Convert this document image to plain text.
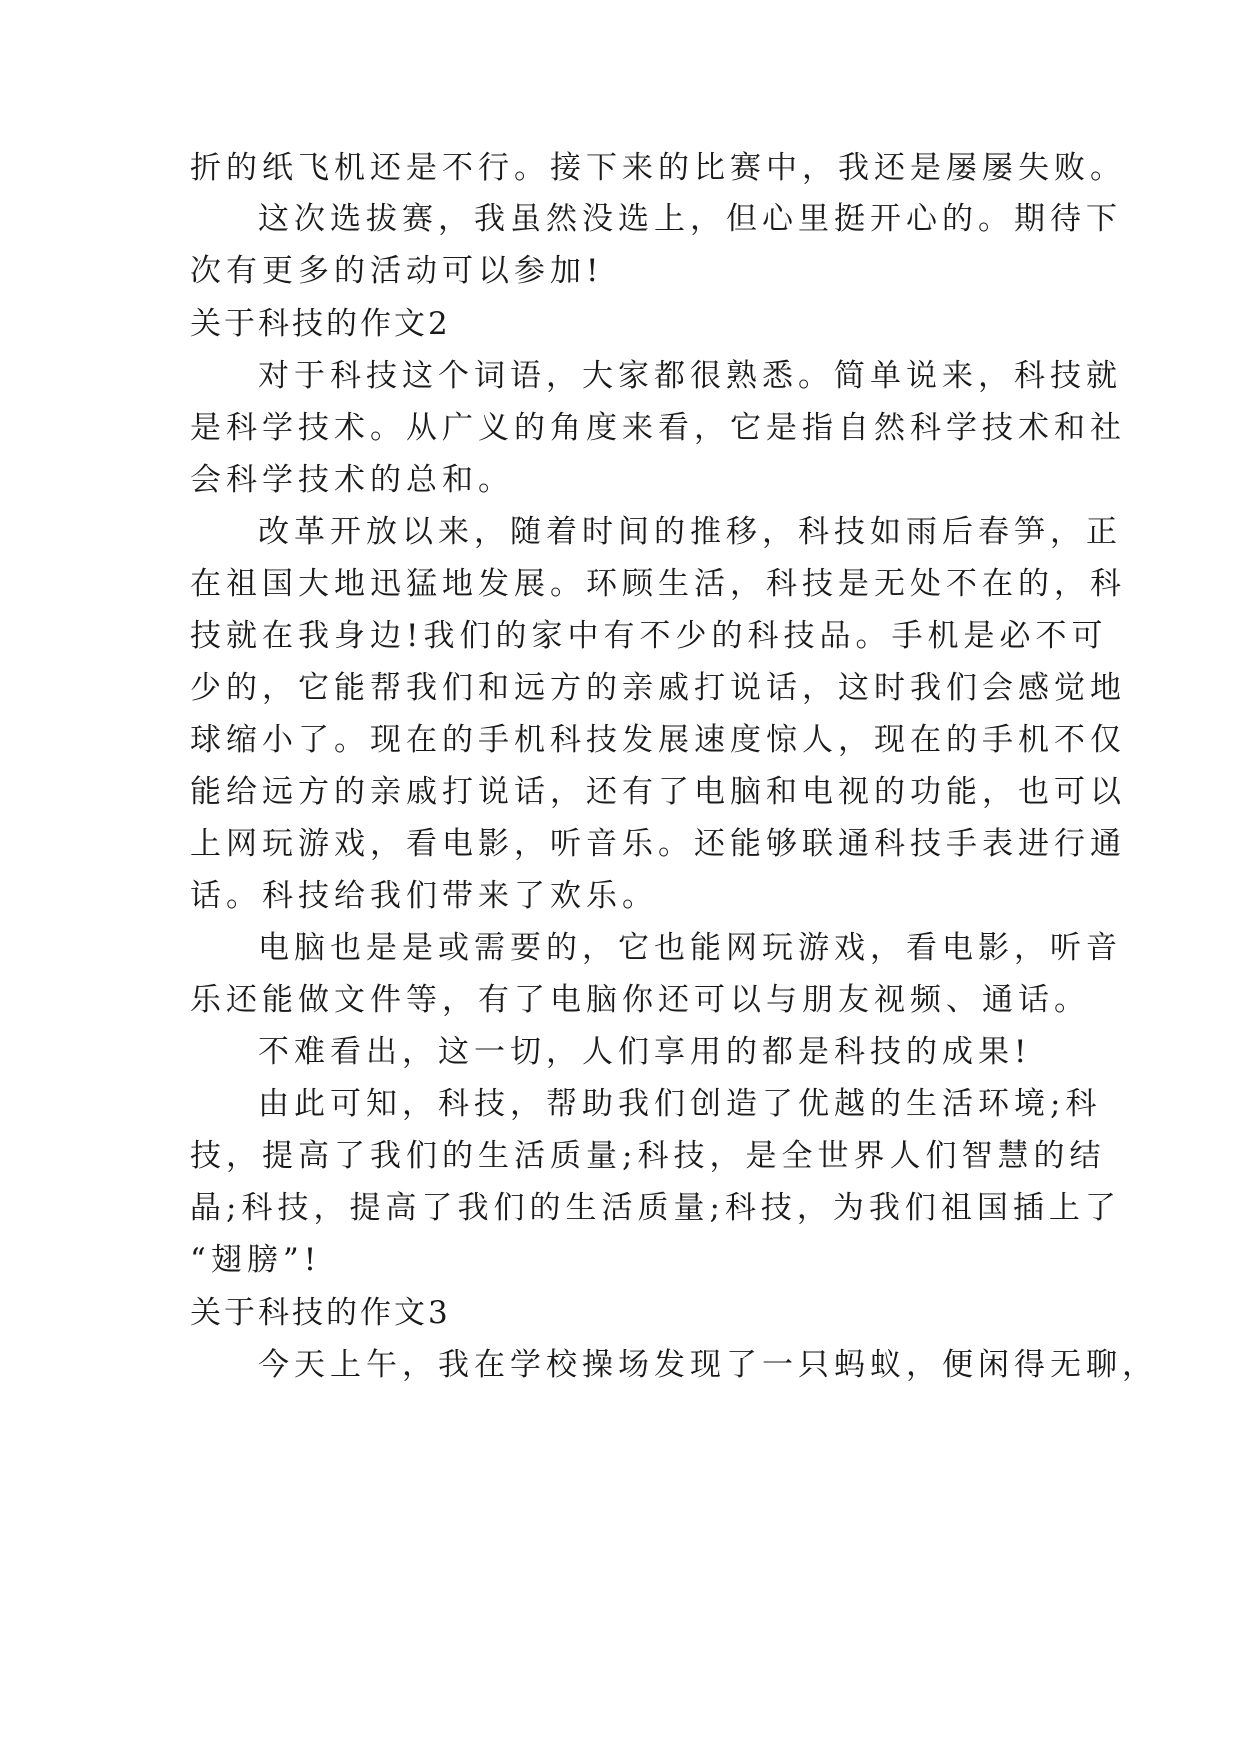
折的纸飞机还是不行。接下来的比赛中，我还是屡屡失败。
这次选拔赛，我虽然没选上，但心里挺开心的。期待下
次有更多的活动可以参加!
关于科技的作文2
对于科技这个词语，大家都很熟悉。简单说来，科技就
是科学技术。从广义的角度来看，它是指自然科学技术和社
会科学技术的总和。
改革开放以来，随着时间的推移，科技如雨后春笋，正
在祖国大地迅猛地发展。环顾生活，科技是无处不在的，科
技就在我身边!我们的家中有不少的科技品。手机是必不可
少的，它能帮我们和远方的亲戚打说话，这时我们会感觉地
球缩小了。现在的手机科技发展速度惊人，现在的手机不仅
能给远方的亲戚打说话，还有了电脑和电视的功能，也可以
上网玩游戏，看电影，听音乐。还能够联通科技手表进行通
话。科技给我们带来了欢乐。
电脑也是是或需要的，它也能网玩游戏，看电影，听音
乐还能做文件等，有了电脑你还可以与朋友视频、通话。
不难看出，这一切，人们享用的都是科技的成果!
由此可知，科技，帮助我们创造了优越的生活环境;科
技，提高了我们的生活质量;科技，是全世界人们智慧的结
晶;科技，提高了我们的生活质量;科技，为我们祖国插上了
“翅膀”!
关于科技的作文3
今天上午，我在学校操场发现了一只蚂蚁，便闲得无聊，
